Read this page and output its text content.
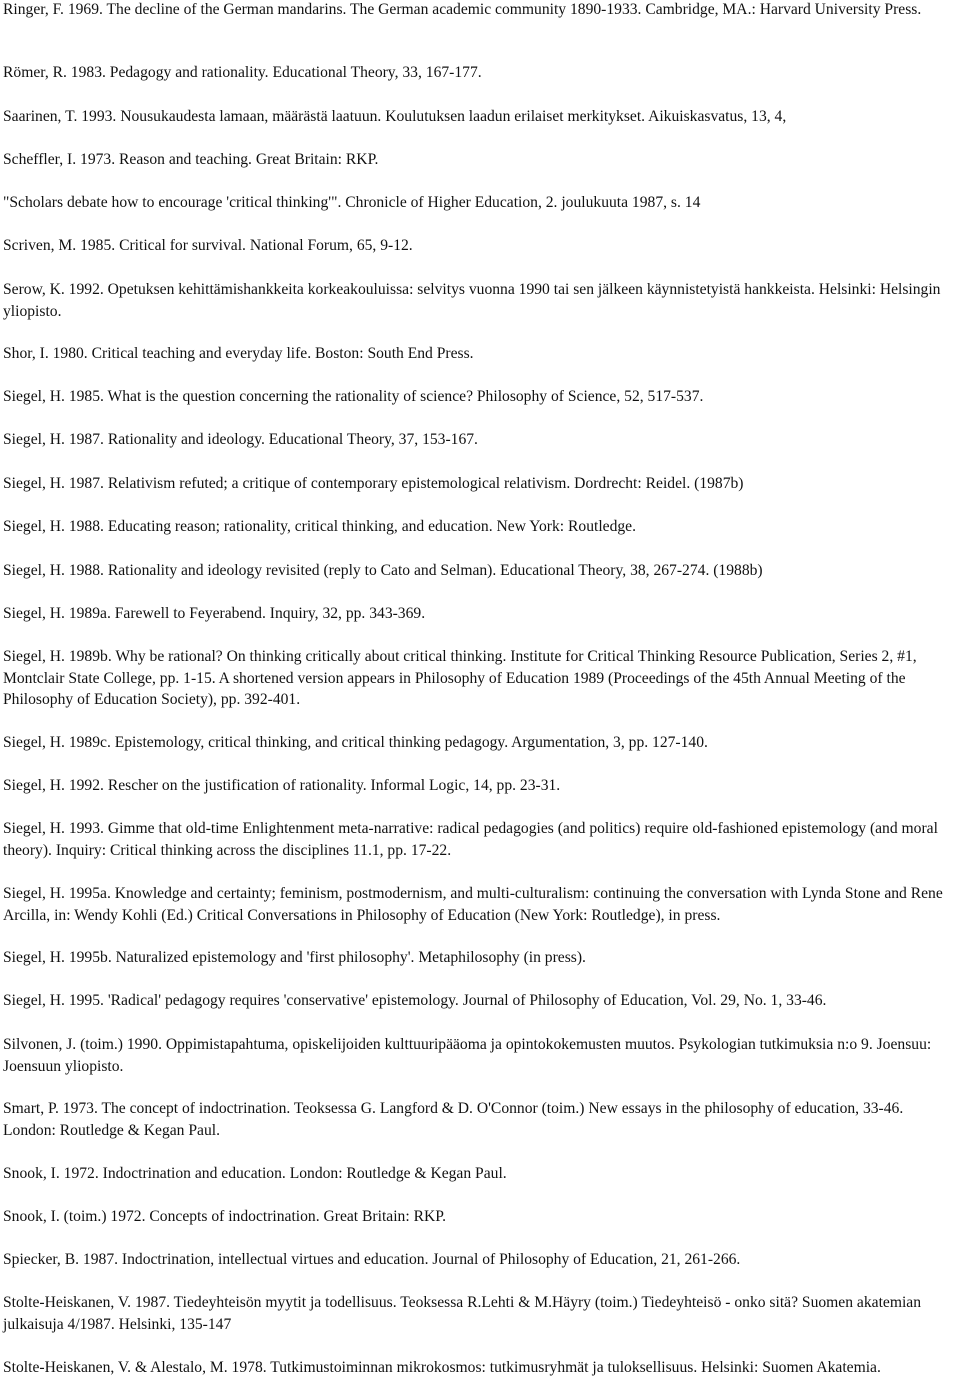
Ringer, F. 1969. The decline of the German mandarins. The German academic community 1890-1933. Cambridge, MA.: Harvard University Press.

Römer, R. 1983. Pedagogy and rationality. Educational Theory, 33, 167-177.

Saarinen, T. 1993. Nousukaudesta lamaan, määrästä laatuun. Koulutuksen laadun erilaiset merkitykset. Aikuiskasvatus, 13, 4,

Scheffler, I. 1973. Reason and teaching. Great Britain: RKP.

"Scholars debate how to encourage 'critical thinking'". Chronicle of Higher Education, 2. joulukuuta 1987, s. 14

Scriven, M. 1985. Critical for survival. National Forum, 65, 9-12.

Serow, K. 1992. Opetuksen kehittämishankkeita korkeakouluissa: selvitys vuonna 1990 tai sen jälkeen käynnistetyistä hankkeista. Helsinki: Helsingin yliopisto.

Shor, I. 1980. Critical teaching and everyday life. Boston: South End Press.

Siegel, H. 1985. What is the question concerning the rationality of science? Philosophy of Science, 52, 517-537.

Siegel, H. 1987. Rationality and ideology. Educational Theory, 37, 153-167.

Siegel, H. 1987. Relativism refuted; a critique of contemporary epistemological relativism. Dordrecht: Reidel. (1987b)

Siegel, H. 1988. Educating reason; rationality, critical thinking, and education. New York: Routledge.

Siegel, H. 1988. Rationality and ideology revisited (reply to Cato and Selman). Educational Theory, 38, 267-274. (1988b)

Siegel, H. 1989a. Farewell to Feyerabend. Inquiry, 32, pp. 343-369.

Siegel, H. 1989b. Why be rational? On thinking critically about critical thinking. Institute for Critical Thinking Resource Publication, Series 2, #1, Montclair State College, pp. 1-15. A shortened version appears in Philosophy of Education 1989 (Proceedings of the 45th Annual Meeting of the Philosophy of Education Society), pp. 392-401.

Siegel, H. 1989c. Epistemology, critical thinking, and critical thinking pedagogy. Argumentation, 3, pp. 127-140.

Siegel, H. 1992. Rescher on the justification of rationality. Informal Logic, 14, pp. 23-31.

Siegel, H. 1993. Gimme that old-time Enlightenment meta-narrative: radical pedagogies (and politics) require old-fashioned epistemology (and moral theory). Inquiry: Critical thinking across the disciplines 11.1, pp. 17-22.

Siegel, H. 1995a. Knowledge and certainty; feminism, postmodernism, and multi-culturalism: continuing the conversation with Lynda Stone and Rene Arcilla, in: Wendy Kohli (Ed.) Critical Conversations in Philosophy of Education (New York: Routledge), in press.

Siegel, H. 1995b. Naturalized epistemology and 'first philosophy'. Metaphilosophy (in press).

Siegel, H. 1995. 'Radical' pedagogy requires 'conservative' epistemology. Journal of Philosophy of Education, Vol. 29, No. 1, 33-46.

Silvonen, J. (toim.) 1990. Oppimistapahtuma, opiskelijoiden kulttuuripääoma ja opintokokemusten muutos. Psykologian tutkimuksia n:o 9. Joensuu: Joensuun yliopisto.

Smart, P. 1973. The concept of indoctrination. Teoksessa G. Langford & D. O'Connor (toim.) New essays in the philosophy of education, 33-46. London: Routledge & Kegan Paul.

Snook, I. 1972. Indoctrination and education. London: Routledge & Kegan Paul.

Snook, I. (toim.) 1972. Concepts of indoctrination. Great Britain: RKP.

Spiecker, B. 1987. Indoctrination, intellectual virtues and education. Journal of Philosophy of Education, 21, 261-266.

Stolte-Heiskanen, V. 1987. Tiedeyhteisön myytit ja todellisuus. Teoksessa R.Lehti & M.Häyry (toim.) Tiedeyhteisö - onko sitä? Suomen akatemian julkaisuja 4/1987. Helsinki, 135-147

Stolte-Heiskanen, V. & Alestalo, M. 1978. Tutkimustoiminnan mikrokosmos: tutkimusryhmät ja tuloksellisuus. Helsinki: Suomen Akatemia.
